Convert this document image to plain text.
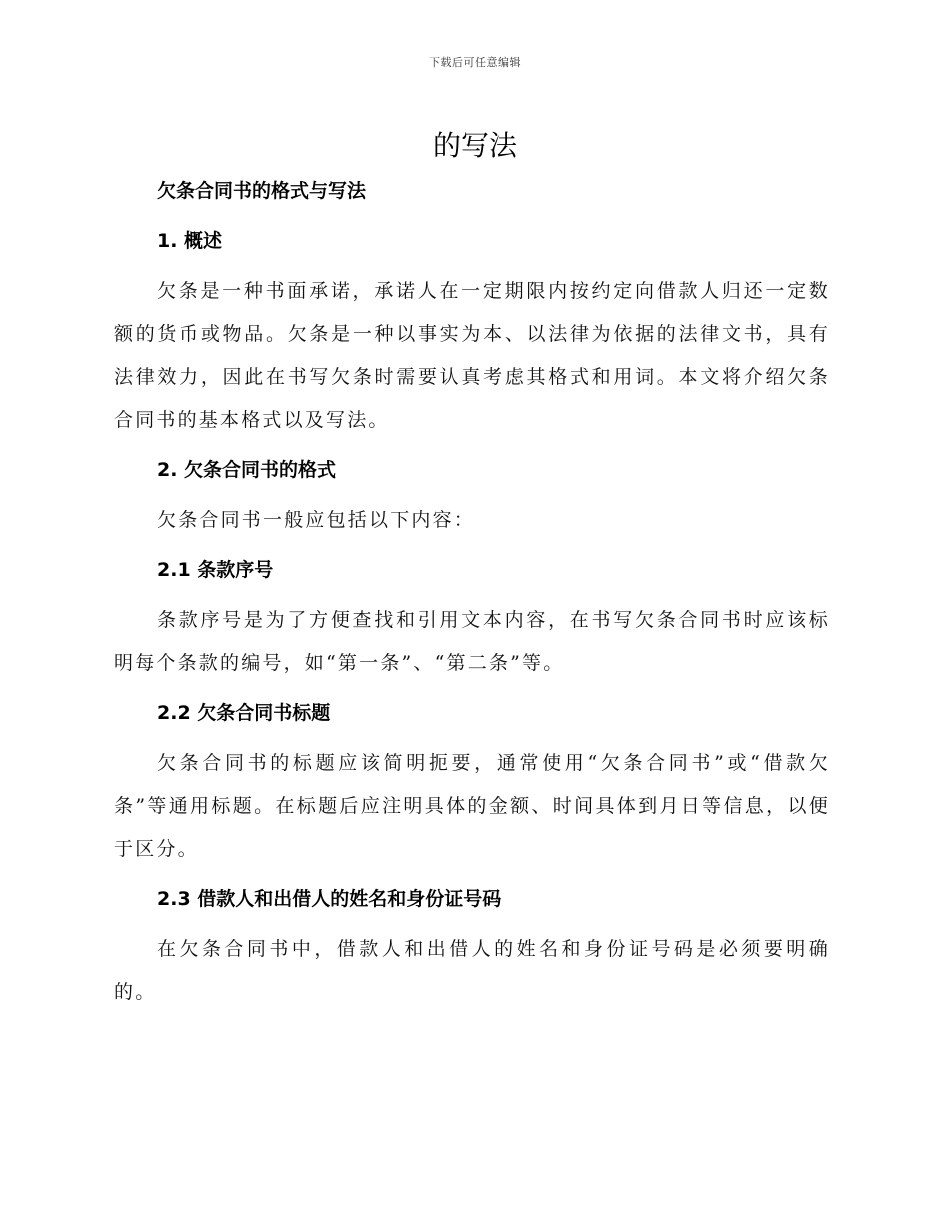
下载后可任意编辑
的写法
欠条合同书的格式与写法
1. 概述

欠条是一种书面承诺，承诺人在一定期限内按约定向借款人归还一定数额的货币或物品。欠条是一种以事实为本、以法律为依据的法律文书，具有法律效力，因此在书写欠条时需要认真考虑其格式和用词。本文将介绍欠条合同书的基本格式以及写法。

2. 欠条合同书的格式

欠条合同书一般应包括以下内容：

2.1 条款序号

条款序号是为了方便查找和引用文本内容，在书写欠条合同书时应该标明每个条款的编号，如“第一条”、“第二条”等。

2.2 欠条合同书标题

欠条合同书的标题应该简明扼要，通常使用“欠条合同书”或“借款欠条”等通用标题。在标题后应注明具体的金额、时间具体到月日等信息，以便于区分。

2.3 借款人和出借人的姓名和身份证号码

在欠条合同书中，借款人和出借人的姓名和身份证号码是必须要明确的。
